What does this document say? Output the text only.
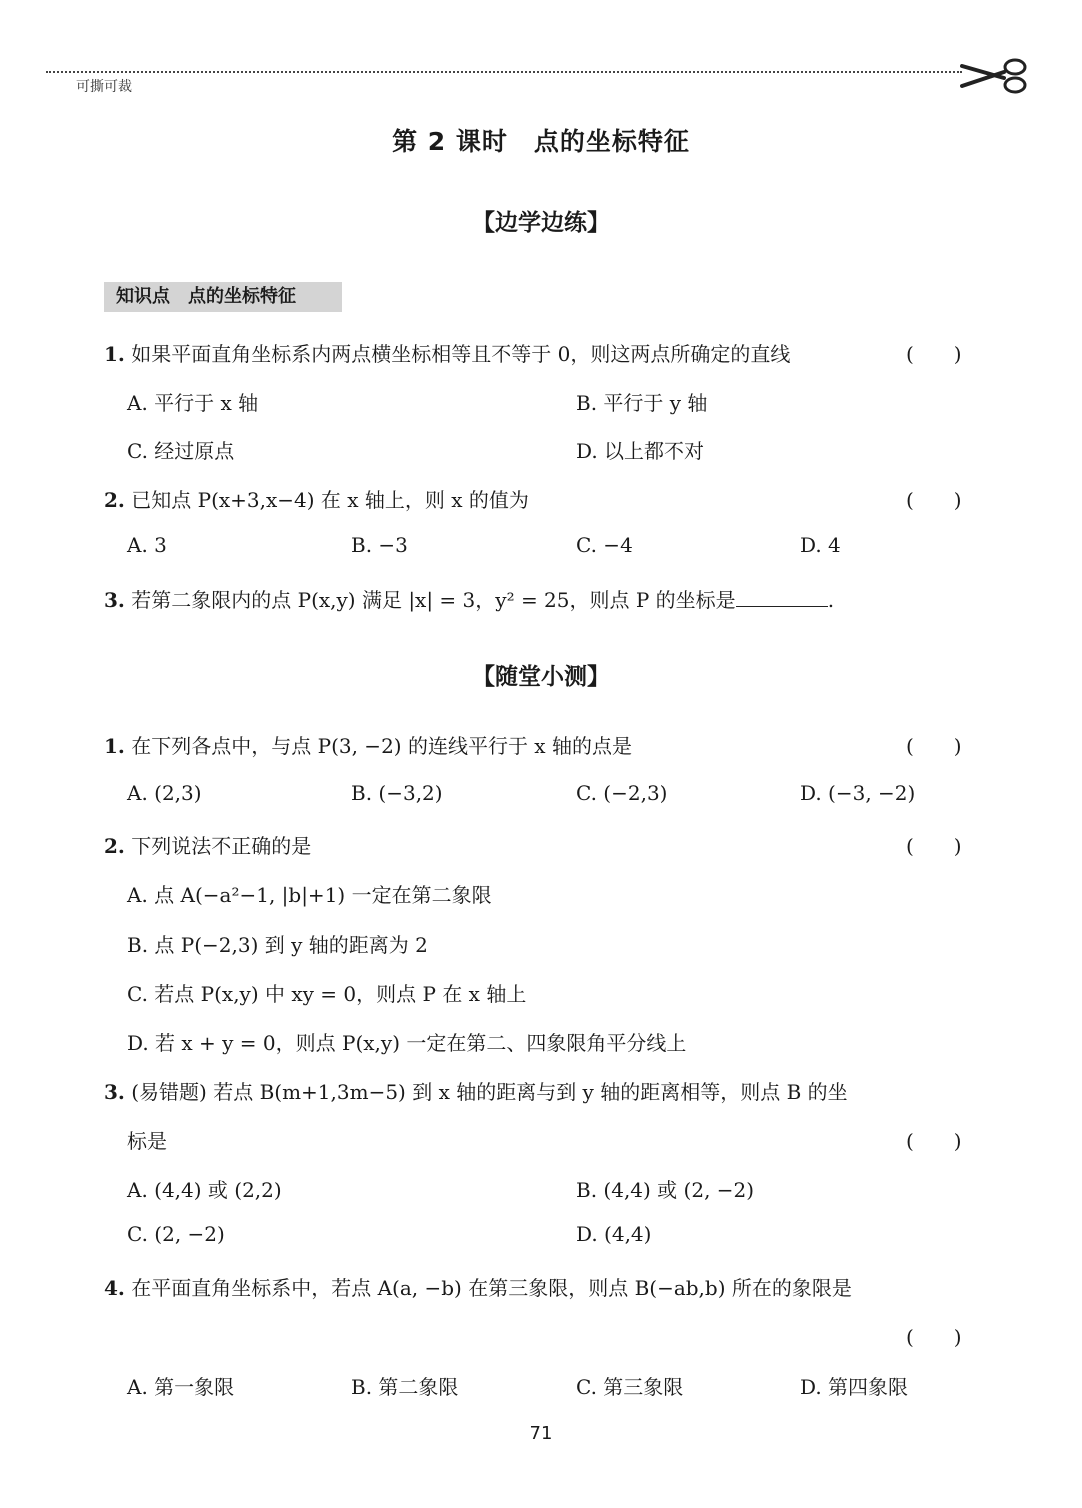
可撕可裁
第 2 课时　点的坐标特征
【边学边练】
知识点　点的坐标特征
1. 如果平面直角坐标系内两点横坐标相等且不等于 0，则这两点所确定的直线	(　　)
A. 平行于 x 轴	B. 平行于 y 轴
C. 经过原点	D. 以上都不对
2. 已知点 P(x+3,x−4) 在 x 轴上，则 x 的值为	(　　)
A. 3	B. −3	C. −4	D. 4
3. 若第二象限内的点 P(x,y) 满足 |x| = 3，y² = 25，则点 P 的坐标是	.
【随堂小测】
1. 在下列各点中，与点 P(3, −2) 的连线平行于 x 轴的点是	(　　)
A. (2,3)	B. (−3,2)	C. (−2,3)	D. (−3, −2)
2. 下列说法不正确的是	(　　)
A. 点 A(−a²−1, |b|+1) 一定在第二象限
B. 点 P(−2,3) 到 y 轴的距离为 2
C. 若点 P(x,y) 中 xy = 0，则点 P 在 x 轴上
D. 若 x + y = 0，则点 P(x,y) 一定在第二、四象限角平分线上
3. (易错题) 若点 B(m+1,3m−5) 到 x 轴的距离与到 y 轴的距离相等，则点 B 的坐
标是	(　　)
A. (4,4) 或 (2,2)	B. (4,4) 或 (2, −2)
C. (2, −2)	D. (4,4)
4. 在平面直角坐标系中，若点 A(a, −b) 在第三象限，则点 B(−ab,b) 所在的象限是
(　　)
A. 第一象限	B. 第二象限	C. 第三象限	D. 第四象限
71
